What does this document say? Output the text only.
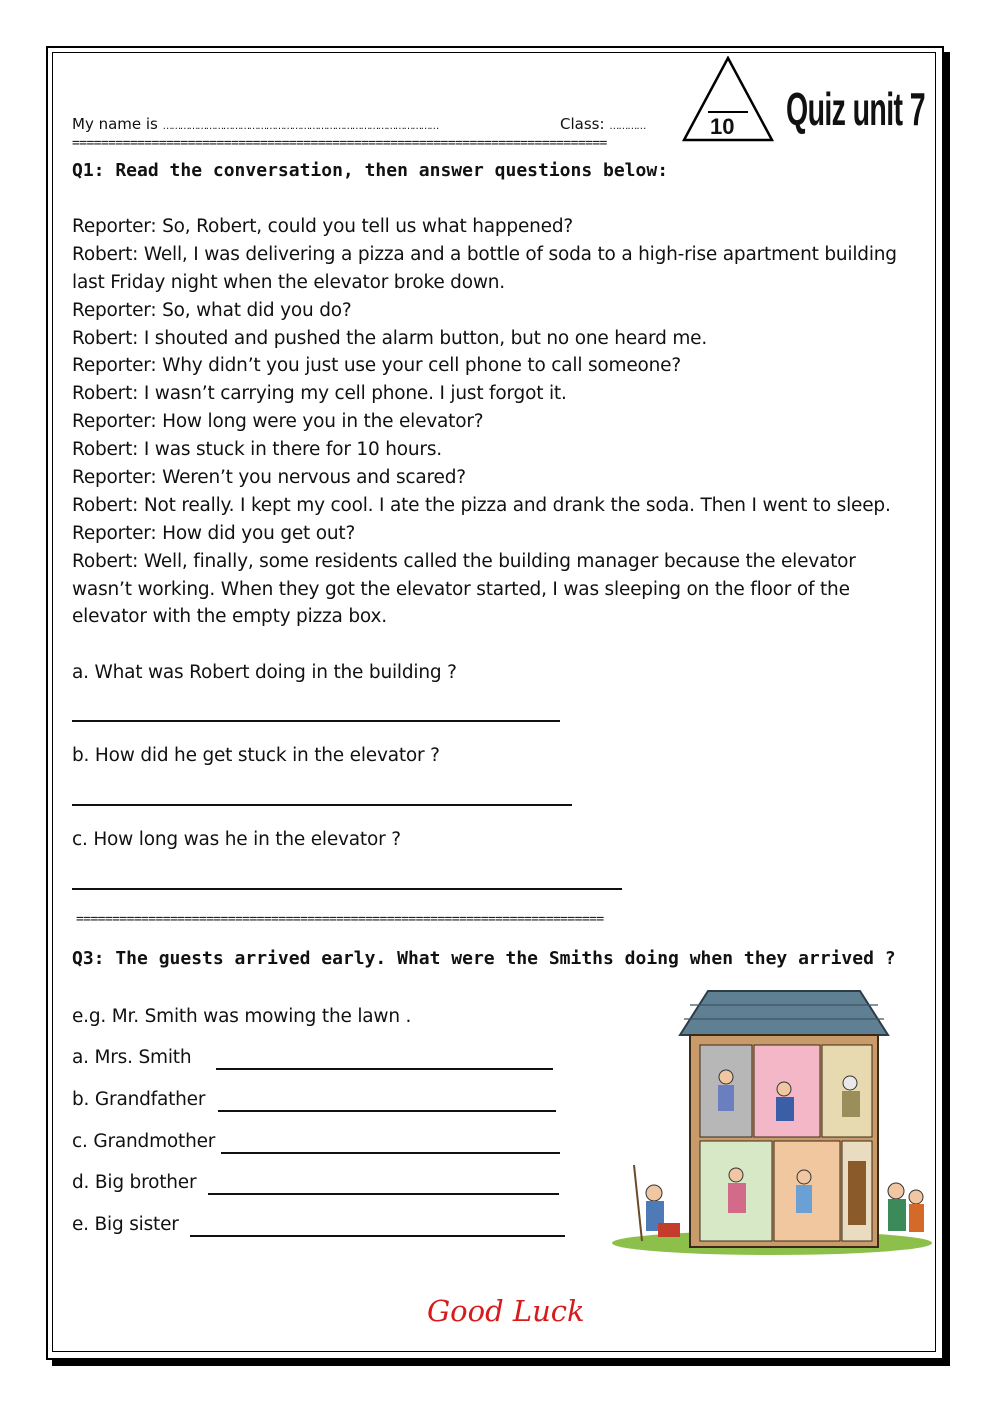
My name is ……………………………………………………………………………………	Class: …………	10 Quiz unit 7
==========================================================================
Q1: Read the conversation, then answer questions below:
Reporter: So, Robert, could you tell us what happened?
Robert: Well, I was delivering a pizza and a bottle of soda to a high-rise apartment building
last Friday night when the elevator broke down.
Reporter: So, what did you do?
Robert: I shouted and pushed the alarm button, but no one heard me.
Reporter: Why didn’t you just use your cell phone to call someone?
Robert: I wasn’t carrying my cell phone. I just forgot it.
Reporter: How long were you in the elevator?
Robert: I was stuck in there for 10 hours.
Reporter: Weren’t you nervous and scared?
Robert: Not really. I kept my cool. I ate the pizza and drank the soda. Then I went to sleep.
Reporter: How did you get out?
Robert: Well, finally, some residents called the building manager because the elevator
wasn’t working. When they got the elevator started, I was sleeping on the floor of the
elevator with the empty pizza box.
a. What was Robert doing in the building ?
b. How did he get stuck in the elevator ?
c. How long was he in the elevator ?
=========================================================================
Q3: The guests arrived early. What were the Smiths doing when they arrived ?
e.g. Mr. Smith was mowing the lawn .
a. Mrs. Smith
b. Grandfather
c. Grandmother
d. Big brother
e. Big sister
Good Luck
